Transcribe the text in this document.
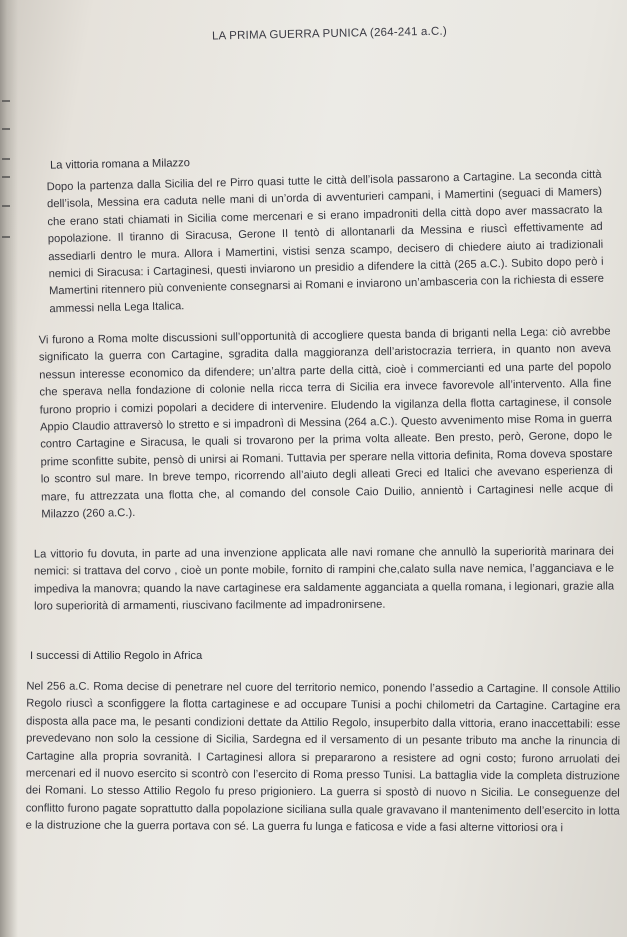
LA PRIMA GUERRA PUNICA (264-241 a.C.)
La vittoria romana a Milazzo
Dopo la partenza dalla Sicilia del re Pirro quasi tutte le città dell’isola passarono a Cartagine. La seconda città dell’isola, Messina era caduta nelle mani di un’orda di avventurieri campani, i Mamertini (seguaci di Mamers) che erano stati chiamati in Sicilia come mercenari e si erano impadroniti della città dopo aver massacrato la popolazione. Il tiranno di Siracusa, Gerone II tentò di allontanarli da Messina e riuscì effettivamente ad assediarli dentro le mura. Allora i Mamertini, vistisi senza scampo, decisero di chiedere aiuto ai tradizionali nemici di Siracusa: i Cartaginesi, questi inviarono un presidio a difendere la città (265 a.C.). Subito dopo però i Mamertini ritennero più conveniente consegnarsi ai Romani e inviarono un’ambasceria con la richiesta di essere ammessi nella Lega Italica.
Vi furono a Roma molte discussioni sull’opportunità di accogliere questa banda di briganti nella Lega: ciò avrebbe significato la guerra con Cartagine, sgradita dalla maggioranza dell’aristocrazia terriera, in quanto non aveva nessun interesse economico da difendere; un’altra parte della città, cioè i commercianti ed una parte del popolo che sperava nella fondazione di colonie nella ricca terra di Sicilia era invece favorevole all’intervento. Alla fine furono proprio i comizi popolari a decidere di intervenire. Eludendo la vigilanza della flotta cartaginese, il console Appio Claudio attraversò lo stretto e si impadronì di Messina (264 a.C.). Questo avvenimento mise Roma in guerra contro Cartagine e Siracusa, le quali si trovarono per la prima volta alleate. Ben presto, però, Gerone, dopo le prime sconfitte subite, pensò di unirsi ai Romani. Tuttavia per sperare nella vittoria definita, Roma doveva spostare lo scontro sul mare. In breve tempo, ricorrendo all’aiuto degli alleati Greci ed Italici che avevano esperienza di mare, fu attrezzata una flotta che, al comando del console Caio Duilio, annientò i Cartaginesi nelle acque di Milazzo (260 a.C.).
La vittorio fu dovuta, in parte ad una invenzione applicata alle navi romane che annullò la superiorità marinara dei nemici: si trattava del corvo , cioè un ponte mobile, fornito di rampini che,calato sulla nave nemica, l’agganciava e le impediva la manovra; quando la nave cartaginese era saldamente agganciata a quella romana, i legionari, grazie alla loro superiorità di armamenti, riuscivano facilmente ad impadronirsene.
I successi di Attilio Regolo in Africa
Nel 256 a.C. Roma decise di penetrare nel cuore del territorio nemico, ponendo l’assedio a Cartagine. Il console Attilio Regolo riuscì a sconfiggere la flotta cartaginese e ad occupare Tunisi a pochi chilometri da Cartagine. Cartagine era disposta alla pace ma, le pesanti condizioni dettate da Attilio Regolo, insuperbito dalla vittoria, erano inaccettabili: esse prevedevano non solo la cessione di Sicilia, Sardegna ed il versamento di un pesante tributo ma anche la rinuncia di Cartagine alla propria sovranità. I Cartaginesi allora si prepararono a resistere ad ogni costo; furono arruolati dei mercenari ed il nuovo esercito si scontrò con l’esercito di Roma presso Tunisi. La battaglia vide la completa distruzione dei Romani. Lo stesso Attilio Regolo fu preso prigioniero. La guerra si spostò di nuovo n Sicilia. Le conseguenze del conflitto furono pagate soprattutto dalla popolazione siciliana sulla quale gravavano il mantenimento dell’esercito in lotta e la distruzione che la guerra portava con sé. La guerra fu lunga e faticosa e vide a fasi alterne vittoriosi ora i
